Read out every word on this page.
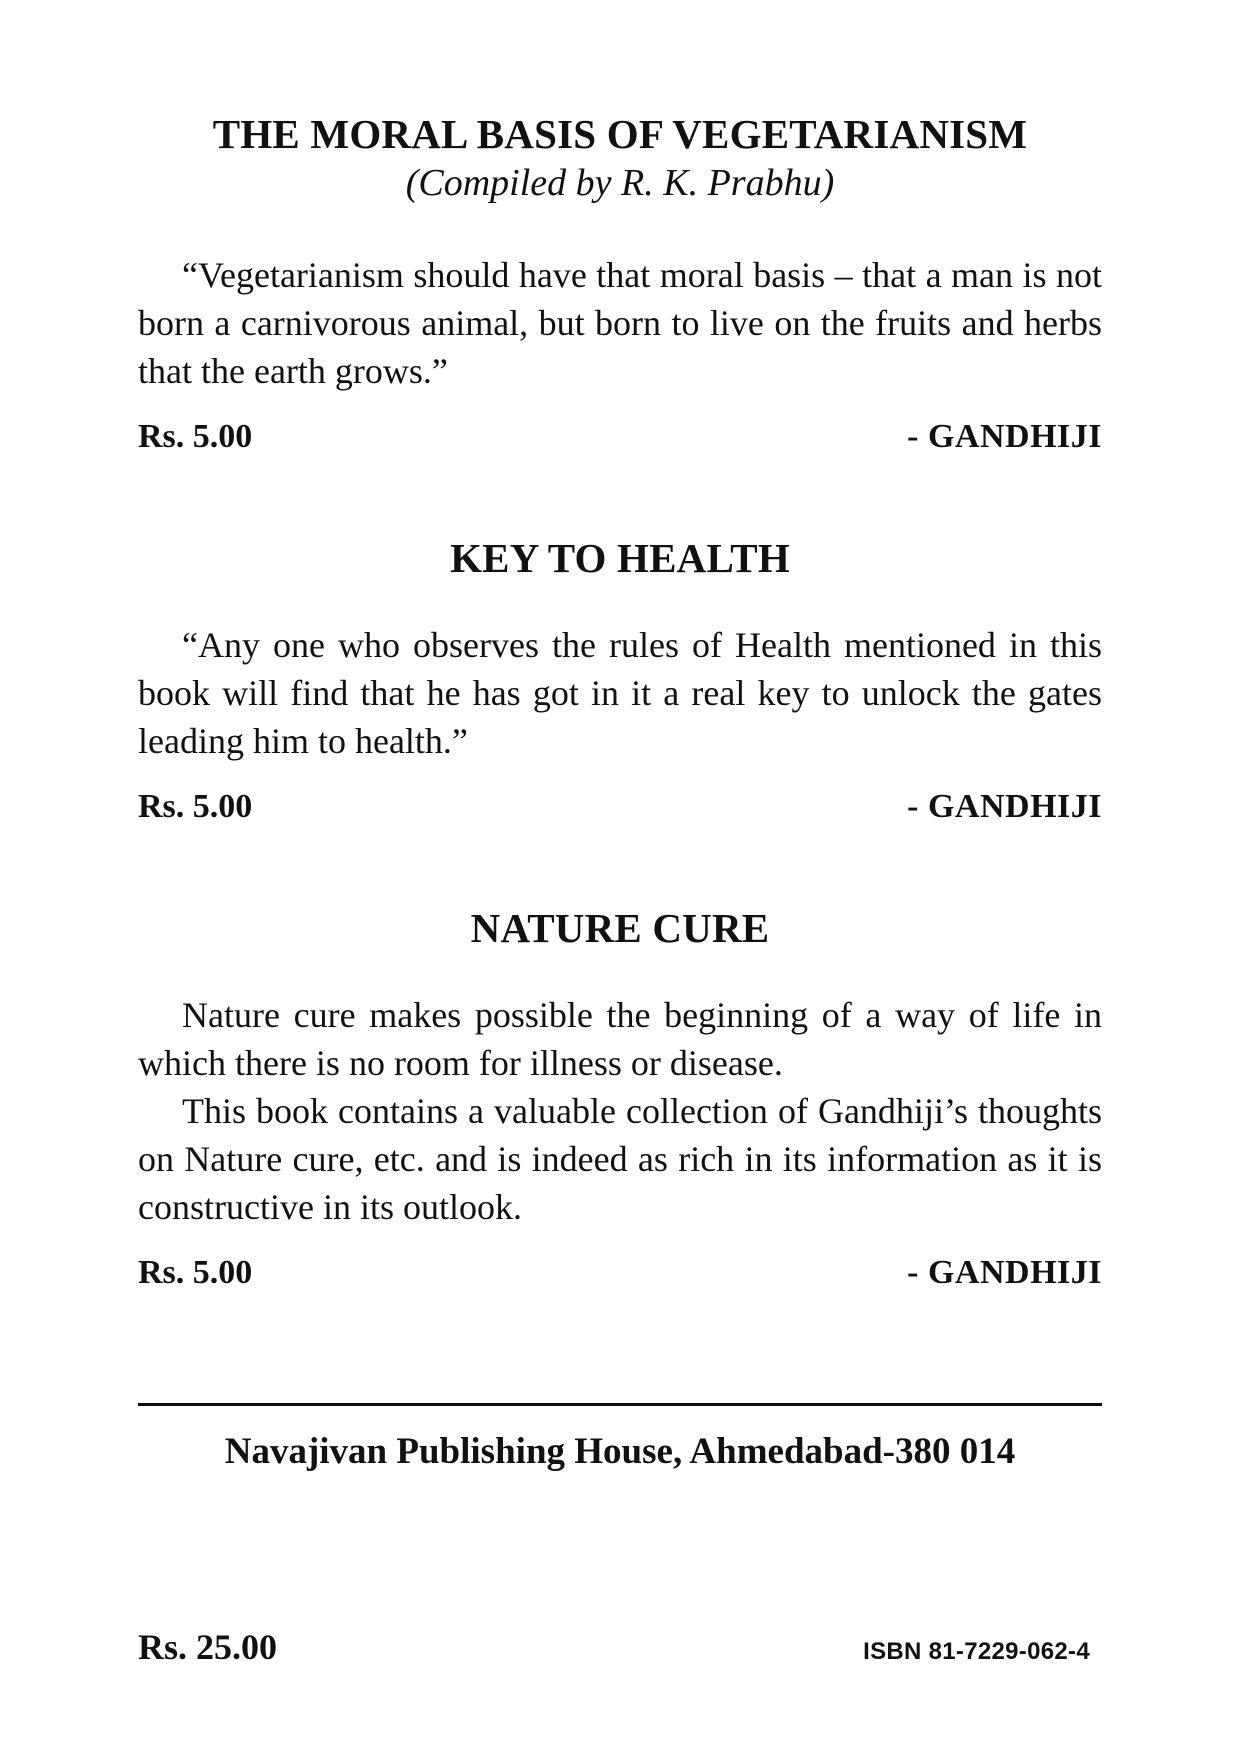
THE MORAL BASIS OF VEGETARIANISM
(Compiled by R. K. Prabhu)

“Vegetarianism should have that moral basis – that a man is not born a carnivorous animal, but born to live on the fruits and herbs that the earth grows.”

Rs. 5.00	- GANDHIJI
KEY TO HEALTH

“Any one who observes the rules of Health mentioned in this book will find that he has got in it a real key to unlock the gates leading him to health.”

Rs. 5.00	- GANDHIJI
NATURE CURE

Nature cure makes possible the beginning of a way of life in which there is no room for illness or disease.

This book contains a valuable collection of Gandhiji’s thoughts on Nature cure, etc. and is indeed as rich in its information as it is constructive in its outlook.

Rs. 5.00	- GANDHIJI
Navajivan Publishing House, Ahmedabad-380 014
Rs. 25.00	ISBN 81-7229-062-4
